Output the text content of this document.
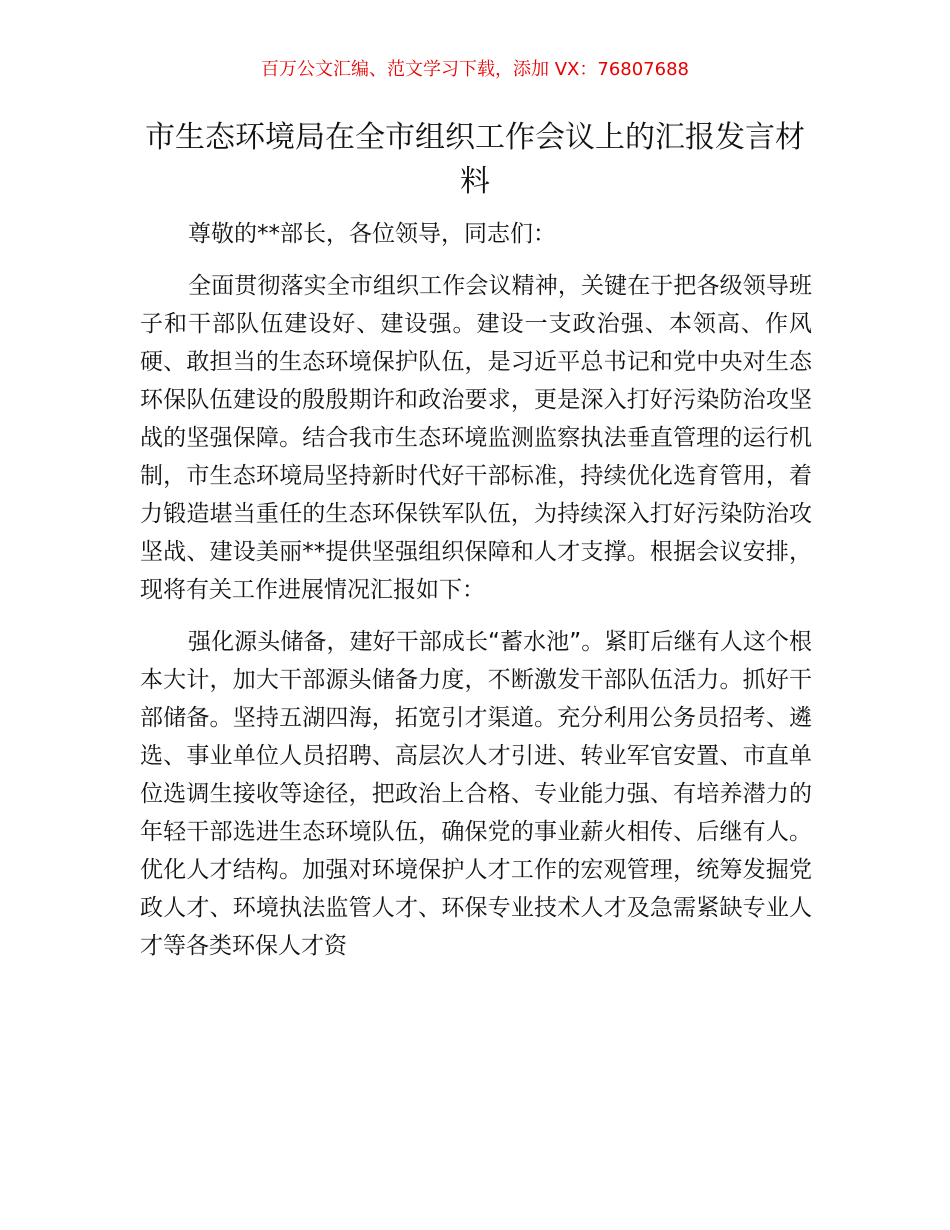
百万公文汇编、范文学习下载，添加 VX：76807688
市生态环境局在全市组织工作会议上的汇报发言材料

尊敬的**部长，各位领导，同志们：

全面贯彻落实全市组织工作会议精神，关键在于把各级领导班子和干部队伍建设好、建设强。建设一支政治强、本领高、作风硬、敢担当的生态环境保护队伍，是习近平总书记和党中央对生态环保队伍建设的殷殷期许和政治要求，更是深入打好污染防治攻坚战的坚强保障。结合我市生态环境监测监察执法垂直管理的运行机制，市生态环境局坚持新时代好干部标准，持续优化选育管用，着力锻造堪当重任的生态环保铁军队伍，为持续深入打好污染防治攻坚战、建设美丽**提供坚强组织保障和人才支撑。根据会议安排，现将有关工作进展情况汇报如下：

强化源头储备，建好干部成长“蓄水池”。紧盯后继有人这个根本大计，加大干部源头储备力度，不断激发干部队伍活力。抓好干部储备。坚持五湖四海，拓宽引才渠道。充分利用公务员招考、遴选、事业单位人员招聘、高层次人才引进、转业军官安置、市直单位选调生接收等途径，把政治上合格、专业能力强、有培养潜力的年轻干部选进生态环境队伍，确保党的事业薪火相传、后继有人。优化人才结构。加强对环境保护人才工作的宏观管理，统筹发掘党政人才、环境执法监管人才、环保专业技术人才及急需紧缺专业人才等各类环保人才资
